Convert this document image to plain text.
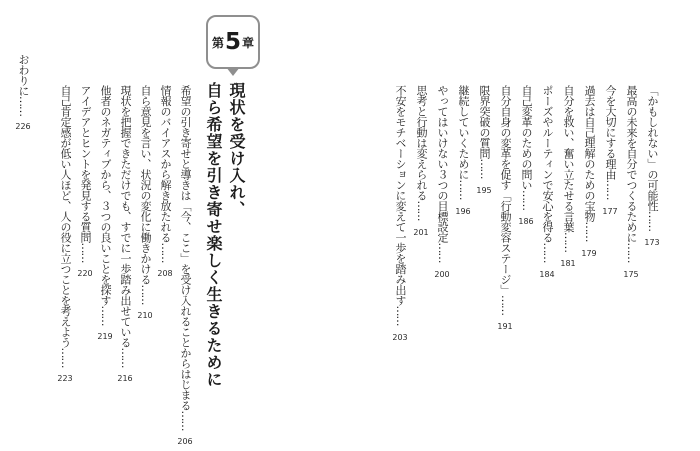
「かもしれない」の可能性……173
最高の未来を自分でつくるために……175
今を大切にする理由……177
過去は自己理解のための宝物……179
自分を救い、奮い立たせる言葉……181
ポーズやルーティンで安心を得る……184
自己変革のための問い……186
自分自身の変革を促す「行動変容ステージ」……191
限界突破の質問……195
継続していくために……196
やってはいけない３つの目標設定……200
思考と行動は変えられる……201
不安をモチベーションに変えて一歩を踏み出す……203
第 5 章
現状を受け入れ、
自ら希望を引き寄せ楽しく生きるために
希望の引き寄せと導きは「今、ここ」を受け入れることからはじまる……206
情報のバイアスから解き放たれる……208
自ら意見を言い、状況の変化に働きかける……210
現状を把握できただけでも、すでに一歩踏み出せている……216
他者のネガティブから、３つの良いことを探す……219
アイデアとヒントを発見する質問……220
自己肯定感が低い人ほど、人の役に立つことを考えよう……223
おわりに……226
